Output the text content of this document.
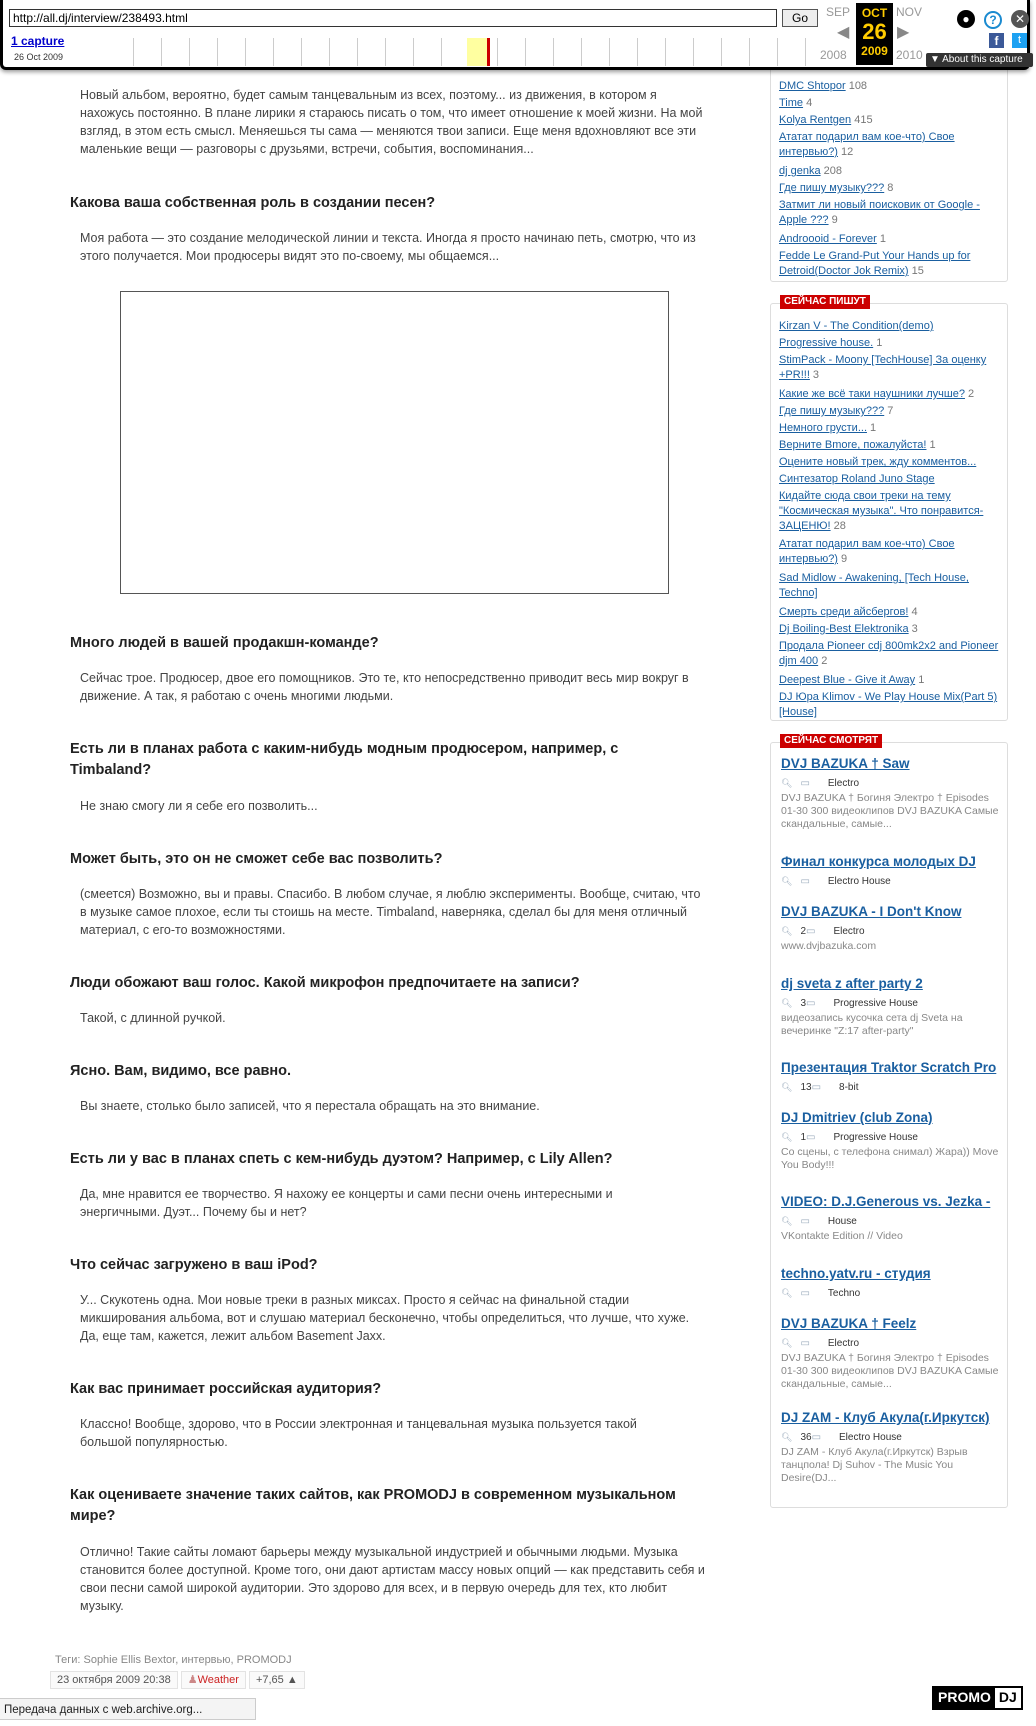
Новый альбом, вероятно, будет самым танцевальным из всех, поэтому... из движения, в котором я нахожусь постоянно. В плане лирики я стараюсь писать о том, что имеет отношение к моей жизни. На мой взгляд, в этом есть смысл. Меняешься ты сама — меняются твои записи. Еще меня вдохновляют все эти маленькие вещи — разговоры с друзьями, встречи, события, воспоминания...
Какова ваша собственная роль в создании песен?
Моя работа — это создание мелодической линии и текста. Иногда я просто начинаю петь, смотрю, что из этого получается. Мои продюсеры видят это по-своему, мы общаемся...
Много людей в вашей продакшн-команде?
Сейчас трое. Продюсер, двое его помощников. Это те, кто непосредственно приводит весь мир вокруг в движение. А так, я работаю с очень многими людьми.
Есть ли в планах работа с каким-нибудь модным продюсером, например, с Timbaland?
Не знаю смогу ли я себе его позволить...
Может быть, это он не сможет себе вас позволить?
(смеется) Возможно, вы и правы. Спасибо. В любом случае, я люблю эксперименты. Вообще, считаю, что в музыке самое плохое, если ты стоишь на месте. Timbaland, наверняка, сделал бы для меня отличный материал, с его-то возможностями.
Люди обожают ваш голос. Какой микрофон предпочитаете на записи?
Такой, с длинной ручкой.
Ясно. Вам, видимо, все равно.
Вы знаете, столько было записей, что я перестала обращать на это внимание.
Есть ли у вас в планах спеть с кем-нибудь дуэтом? Например, с Lily Allen?
Да, мне нравится ее творчество. Я нахожу ее концерты и сами песни очень интересными и энергичными. Дуэт... Почему бы и нет?
Что сейчас загружено в ваш iPod?
У... Скукотень одна. Мои новые треки в разных миксах. Просто я сейчас на финальной стадии микширования альбома, вот и слушаю материал бесконечно, чтобы определиться, что лучше, что хуже. Да, еще там, кажется, лежит альбом Basement Jaxx.
Как вас принимает российская аудитория?
Классно! Вообще, здорово, что в России электронная и танцевальная музыка пользуется такой большой популярностью.
Как оцениваете значение таких сайтов, как PROMODJ в современном музыкальном мире?
Отлично! Такие сайты ломают барьеры между музыкальной индустрией и обычными людьми. Музыка становится более доступной. Кроме того, они дают артистам массу новых опций — как представить себя и свои песни самой широкой аудитории. Это здорово для всех, и в первую очередь для тех, кто любит музыку.
Теги: Sophie Ellis Bextor, интервью, PROMODJ
23 октября 2009 20:38	♟Weather	+7,65 ▲
DMC Shtopor 108
Time 4
Kolya Rentgen 415
Ататат подарил вам кое-что) Свое интервью?) 12
dj genka 208
Где пишу музыку??? 8
Затмит ли новый поисковик от Google - Apple ??? 9
Androooid - Forever 1
Fedde Le Grand-Put Your Hands up for Detroid(Doctor Jok Remix) 15
СЕЙЧАС ПИШУТ
Kirzan V - The Condition(demo)
Progressive house. 1
StimPack - Moony [TechHouse] За оценку +PR!!! 3
Какие же всё таки наушники лучше? 2
Где пишу музыку??? 7
Немного грусти... 1
Верните Bmore, пожалуйста! 1
Оцените новый трек, жду комментов...
Синтезатор Roland Juno Stage
Кидайте сюда свои треки на тему "Космическая музыка". Что понравится-ЗАЦЕНЮ! 28
Ататат подарил вам кое-что) Свое интервью?) 9
Sad Midlow - Awakening, [Tech House, Techno]
Смерть среди айсбергов! 4
Dj Boiling-Best Elektronika 3
Продала Pioneer cdj 800mk2x2 and Pioneer djm 400 2
Deepest Blue - Give it Away 1
DJ Юра Klimov - We Play House Mix(Part 5)[House]
СЕЙЧАС СМОТРЯТ
DVJ BAZUKA † Saw
🔍︎ ▭ Electro
DVJ BAZUKA † Богиня Электро † Episodes 01-30 300 видеоклипов DVJ BAZUKA Самые скандальные, самые...
Финал конкурса молодых DJ
🔍︎ ▭ Electro House
DVJ BAZUKA - I Don't Know
🔍︎ 2▭ Electro
www.dvjbazuka.com
dj sveta z after party 2
🔍︎ 3▭ Progressive House
видеозапись кусочка сета dj Sveta на вечеринке "Z:17 after-party"
Презентация Traktor Scratch Pro
🔍︎ 13▭ 8-bit
DJ Dmitriev (club Zona)
🔍︎ 1▭ Progressive House
Со сцены, с телефона снимал) Жара)) Move You Body!!!
VIDEO: D.J.Generous vs. Jezka -
🔍︎ ▭ House
VKontakte Edition // Video
techno.yatv.ru - студия
🔍︎ ▭ Techno
DVJ BAZUKA † Feelz
🔍︎ ▭ Electro
DVJ BAZUKA † Богиня Электро † Episodes 01-30 300 видеоклипов DVJ BAZUKA Самые скандальные, самые...
DJ ZAM - Клуб Акула(г.Иркутск)
🔍︎ 36▭ Electro House
DJ ZAM - Клуб Акула(г.Иркутск) Взрыв танцпола! Dj Suhov - The Music You Desire(DJ...
Передача данных с web.archive.org...
PROMO DJ
http://all.dj/interview/238493.html
Go
1 capture
26 Oct 2009
SEP	NOV
2008	2010
◀	▶
OCT
26
2009
●	?	✕
f	t
▼ About this capture
